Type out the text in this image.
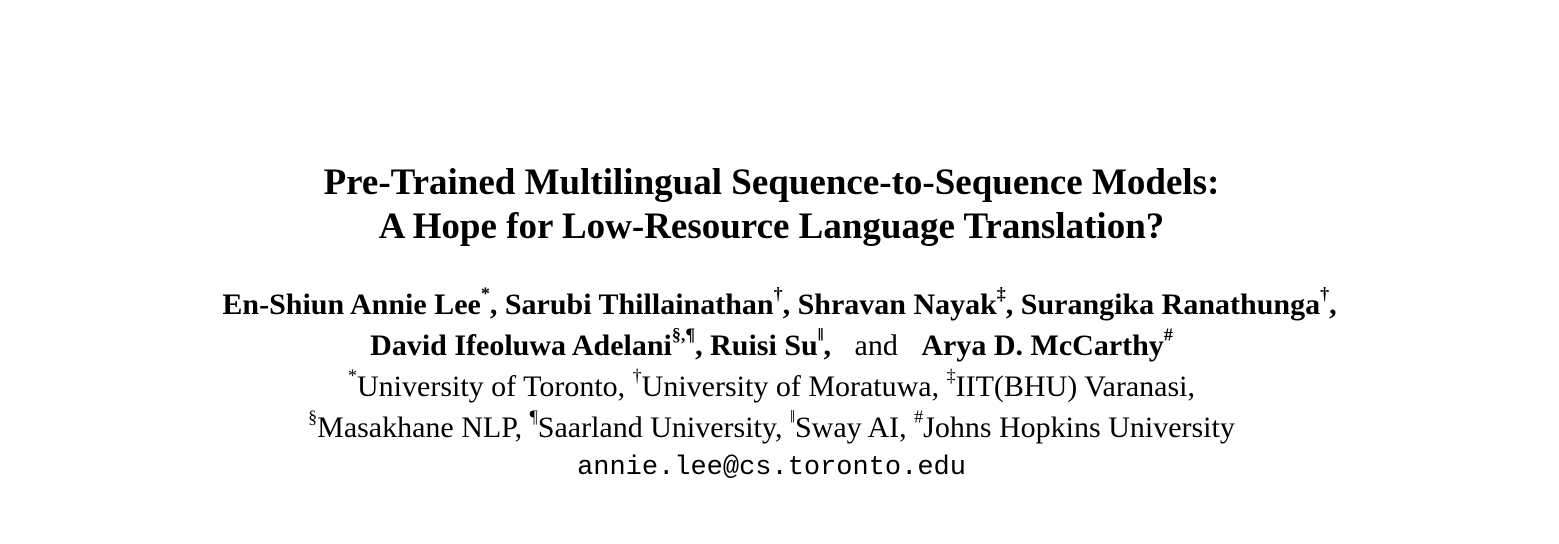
Pre-Trained Multilingual Sequence-to-Sequence Models:
A Hope for Low-Resource Language Translation?
En-Shiun Annie Lee*, Sarubi Thillainathan†, Shravan Nayak‡, Surangika Ranathunga†,
David Ifeoluwa Adelani§,¶, Ruisi Su‖, and Arya D. McCarthy#
*University of Toronto, †University of Moratuwa, ‡IIT(BHU) Varanasi,
§Masakhane NLP, ¶Saarland University, ‖Sway AI, #Johns Hopkins University
annie.lee@cs.toronto.edu
